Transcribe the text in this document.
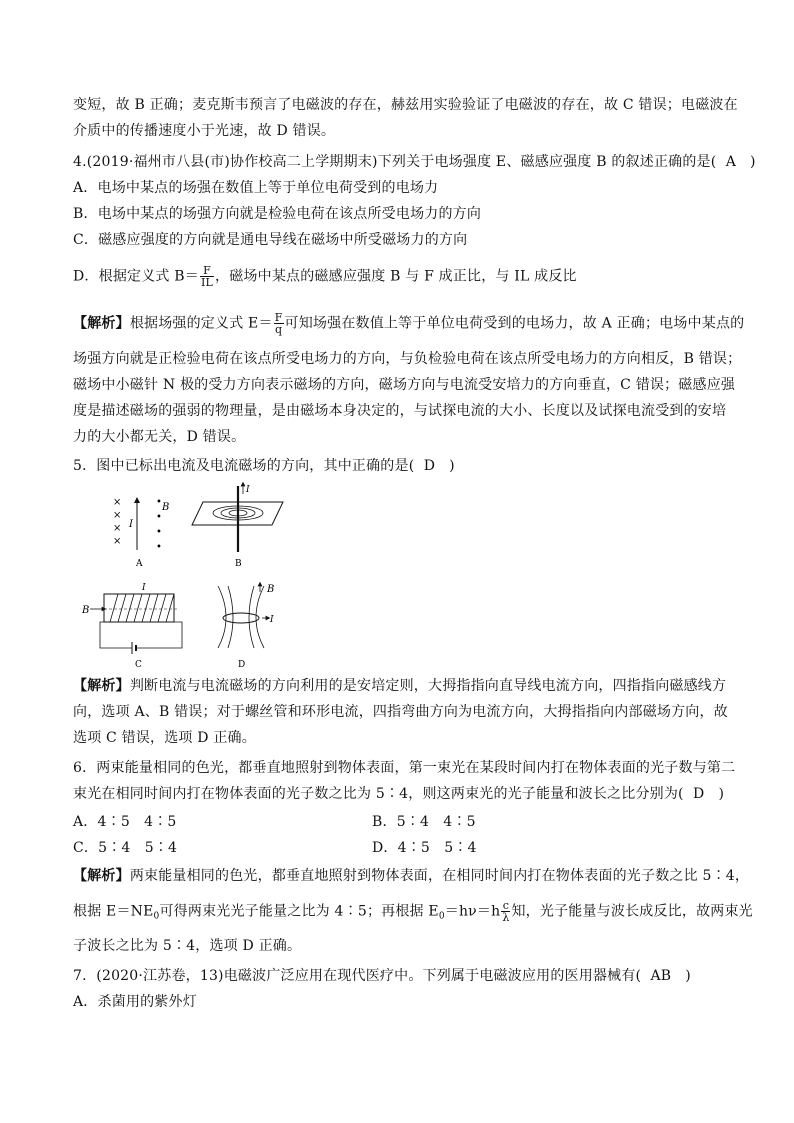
变短，故 B 正确；麦克斯韦预言了电磁波的存在，赫兹用实验验证了电磁波的存在，故 C 错误；电磁波在
介质中的传播速度小于光速，故 D 错误。
4.(2019·福州市八县(市)协作校高二上学期期末)下列关于电场强度 E、磁感应强度 B 的叙述正确的是( A )
A．电场中某点的场强在数值上等于单位电荷受到的电场力
B．电场中某点的场强方向就是检验电荷在该点所受电场力的方向
C．磁感应强度的方向就是通电导线在磁场中所受磁场力的方向
D．根据定义式 $B= \frac{F}{IL}$ ，磁场中某点的磁感应强度 B 与 F 成正比，与 IL 成反比
【解析】根据场强的定义式 $E= \frac{F}{q}$ 可知场强在数值上等于单位电荷受到的电场力，故 A 正确；电场中某点的
场强方向就是正检验电荷在该点所受电场力的方向，与负检验电荷在该点所受电场力的方向相反，B 错误；
磁场中小磁针 N 极的受力方向表示磁场的方向，磁场方向与电流受安培力的方向垂直，C 错误；磁感应强
度是描述磁场的强弱的物理量，是由磁场本身决定的，与试探电流的大小、长度以及试探电流受到的安培
力的大小都无关，D 错误。
5．图中已标出电流及电流磁场的方向，其中正确的是( D )
×
×
×
×
I
•
•
•
•
B
A
I
B
B
I
C
B
I
D
【解析】判断电流与电流磁场的方向利用的是安培定则，大拇指指向直导线电流方向，四指指向磁感线方
向，选项 A、B 错误；对于螺丝管和环形电流，四指弯曲方向为电流方向，大拇指指向内部磁场方向，故
选项 C 错误，选项 D 正确。
6．两束能量相同的色光，都垂直地照射到物体表面，第一束光在某段时间内打在物体表面的光子数与第二
束光在相同时间内打在物体表面的光子数之比为 5∶4，则这两束光的光子能量和波长之比分别为( D )
A．4∶5　4∶5	B．5∶4　4∶5
C．5∶4　5∶4	D．4∶5　5∶4
【解析】两束能量相同的色光，都垂直地照射到物体表面，在相同时间内打在物体表面的光子数之比 5∶4，
根据 $E=NE_0$可得两束光光子能量之比为 4∶5；再根据 $E_0=h\nu=h \frac{c}{\lambda}$ 知，光子能量与波长成反比，故两束光
子波长之比为 5∶4，选项 D 正确。
7．(2020·江苏卷，13)电磁波广泛应用在现代医疗中。下列属于电磁波应用的医用器械有( AB )
A．杀菌用的紫外灯
